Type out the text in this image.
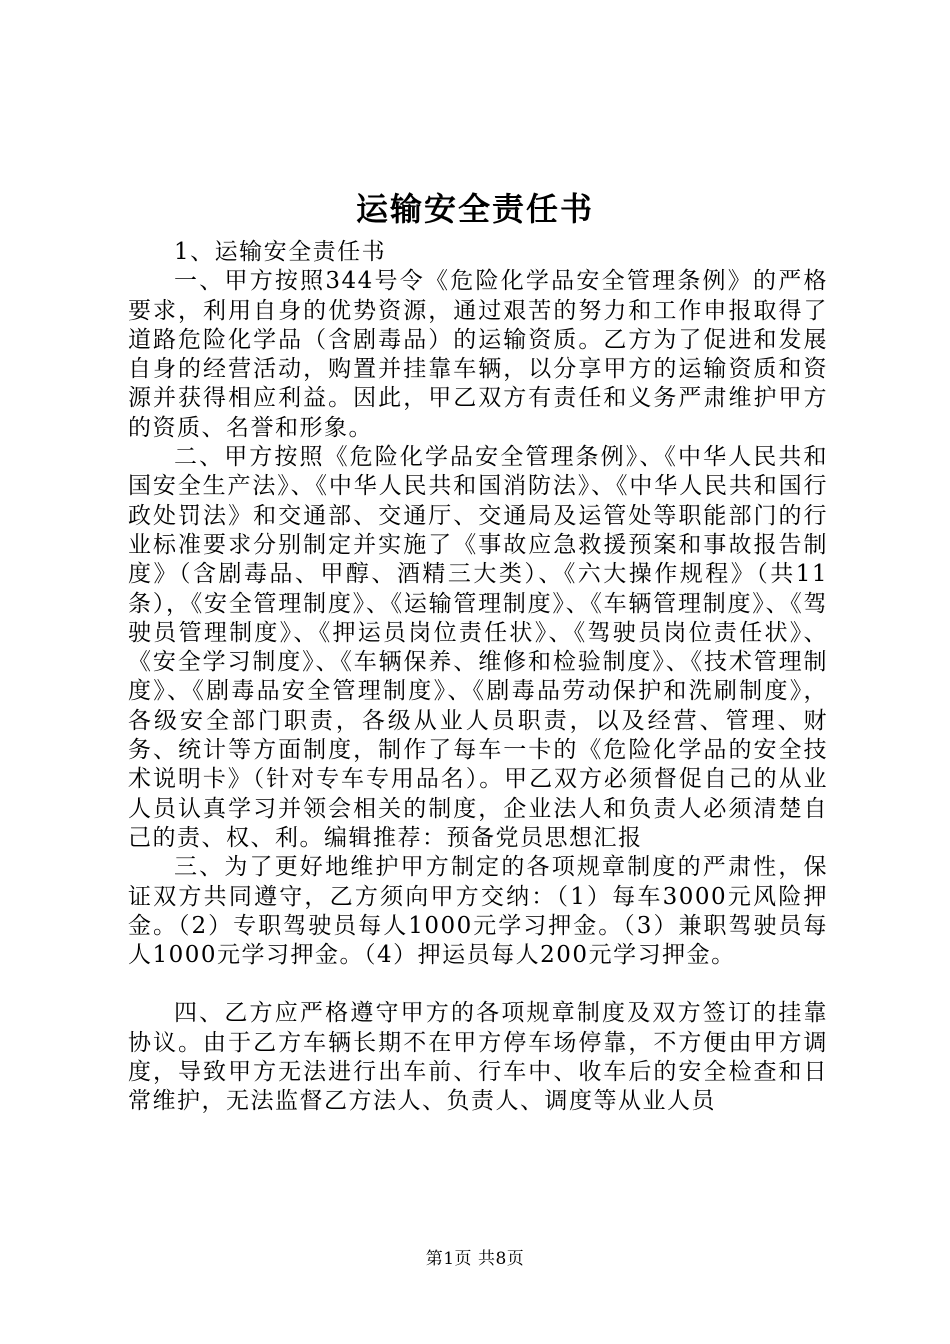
运输安全责任书

1、运输安全责任书

一、甲方按照344号令《危险化学品安全管理条例》的严格要求，利用自身的优势资源，通过艰苦的努力和工作申报取得了道路危险化学品（含剧毒品）的运输资质。乙方为了促进和发展自身的经营活动，购置并挂靠车辆，以分享甲方的运输资质和资源并获得相应利益。因此，甲乙双方有责任和义务严肃维护甲方的资质、名誉和形象。

二、甲方按照《危险化学品安全管理条例》、《中华人民共和国安全生产法》、《中华人民共和国消防法》、《中华人民共和国行政处罚法》和交通部、交通厅、交通局及运管处等职能部门的行业标准要求分别制定并实施了《事故应急救援预案和事故报告制度》（含剧毒品、甲醇、酒精三大类）、《六大操作规程》（共11条），《安全管理制度》、《运输管理制度》、《车辆管理制度》、《驾驶员管理制度》、《押运员岗位责任状》、《驾驶员岗位责任状》、《安全学习制度》、《车辆保养、维修和检验制度》、《技术管理制度》、《剧毒品安全管理制度》、《剧毒品劳动保护和洗刷制度》，各级安全部门职责，各级从业人员职责，以及经营、管理、财务、统计等方面制度，制作了每车一卡的《危险化学品的安全技术说明卡》（针对专车专用品名）。甲乙双方必须督促自己的从业人员认真学习并领会相关的制度，企业法人和负责人必须清楚自己的责、权、利。编辑推荐：预备党员思想汇报

三、为了更好地维护甲方制定的各项规章制度的严肃性，保证双方共同遵守，乙方须向甲方交纳：（1）每车3000元风险押金。（2）专职驾驶员每人1000元学习押金。（3）兼职驾驶员每人1000元学习押金。（4）押运员每人200元学习押金。

四、乙方应严格遵守甲方的各项规章制度及双方签订的挂靠协议。由于乙方车辆长期不在甲方停车场停靠，不方便由甲方调度，导致甲方无法进行出车前、行车中、收车后的安全检查和日常维护，无法监督乙方法人、负责人、调度等从业人员

第1页 共8页
